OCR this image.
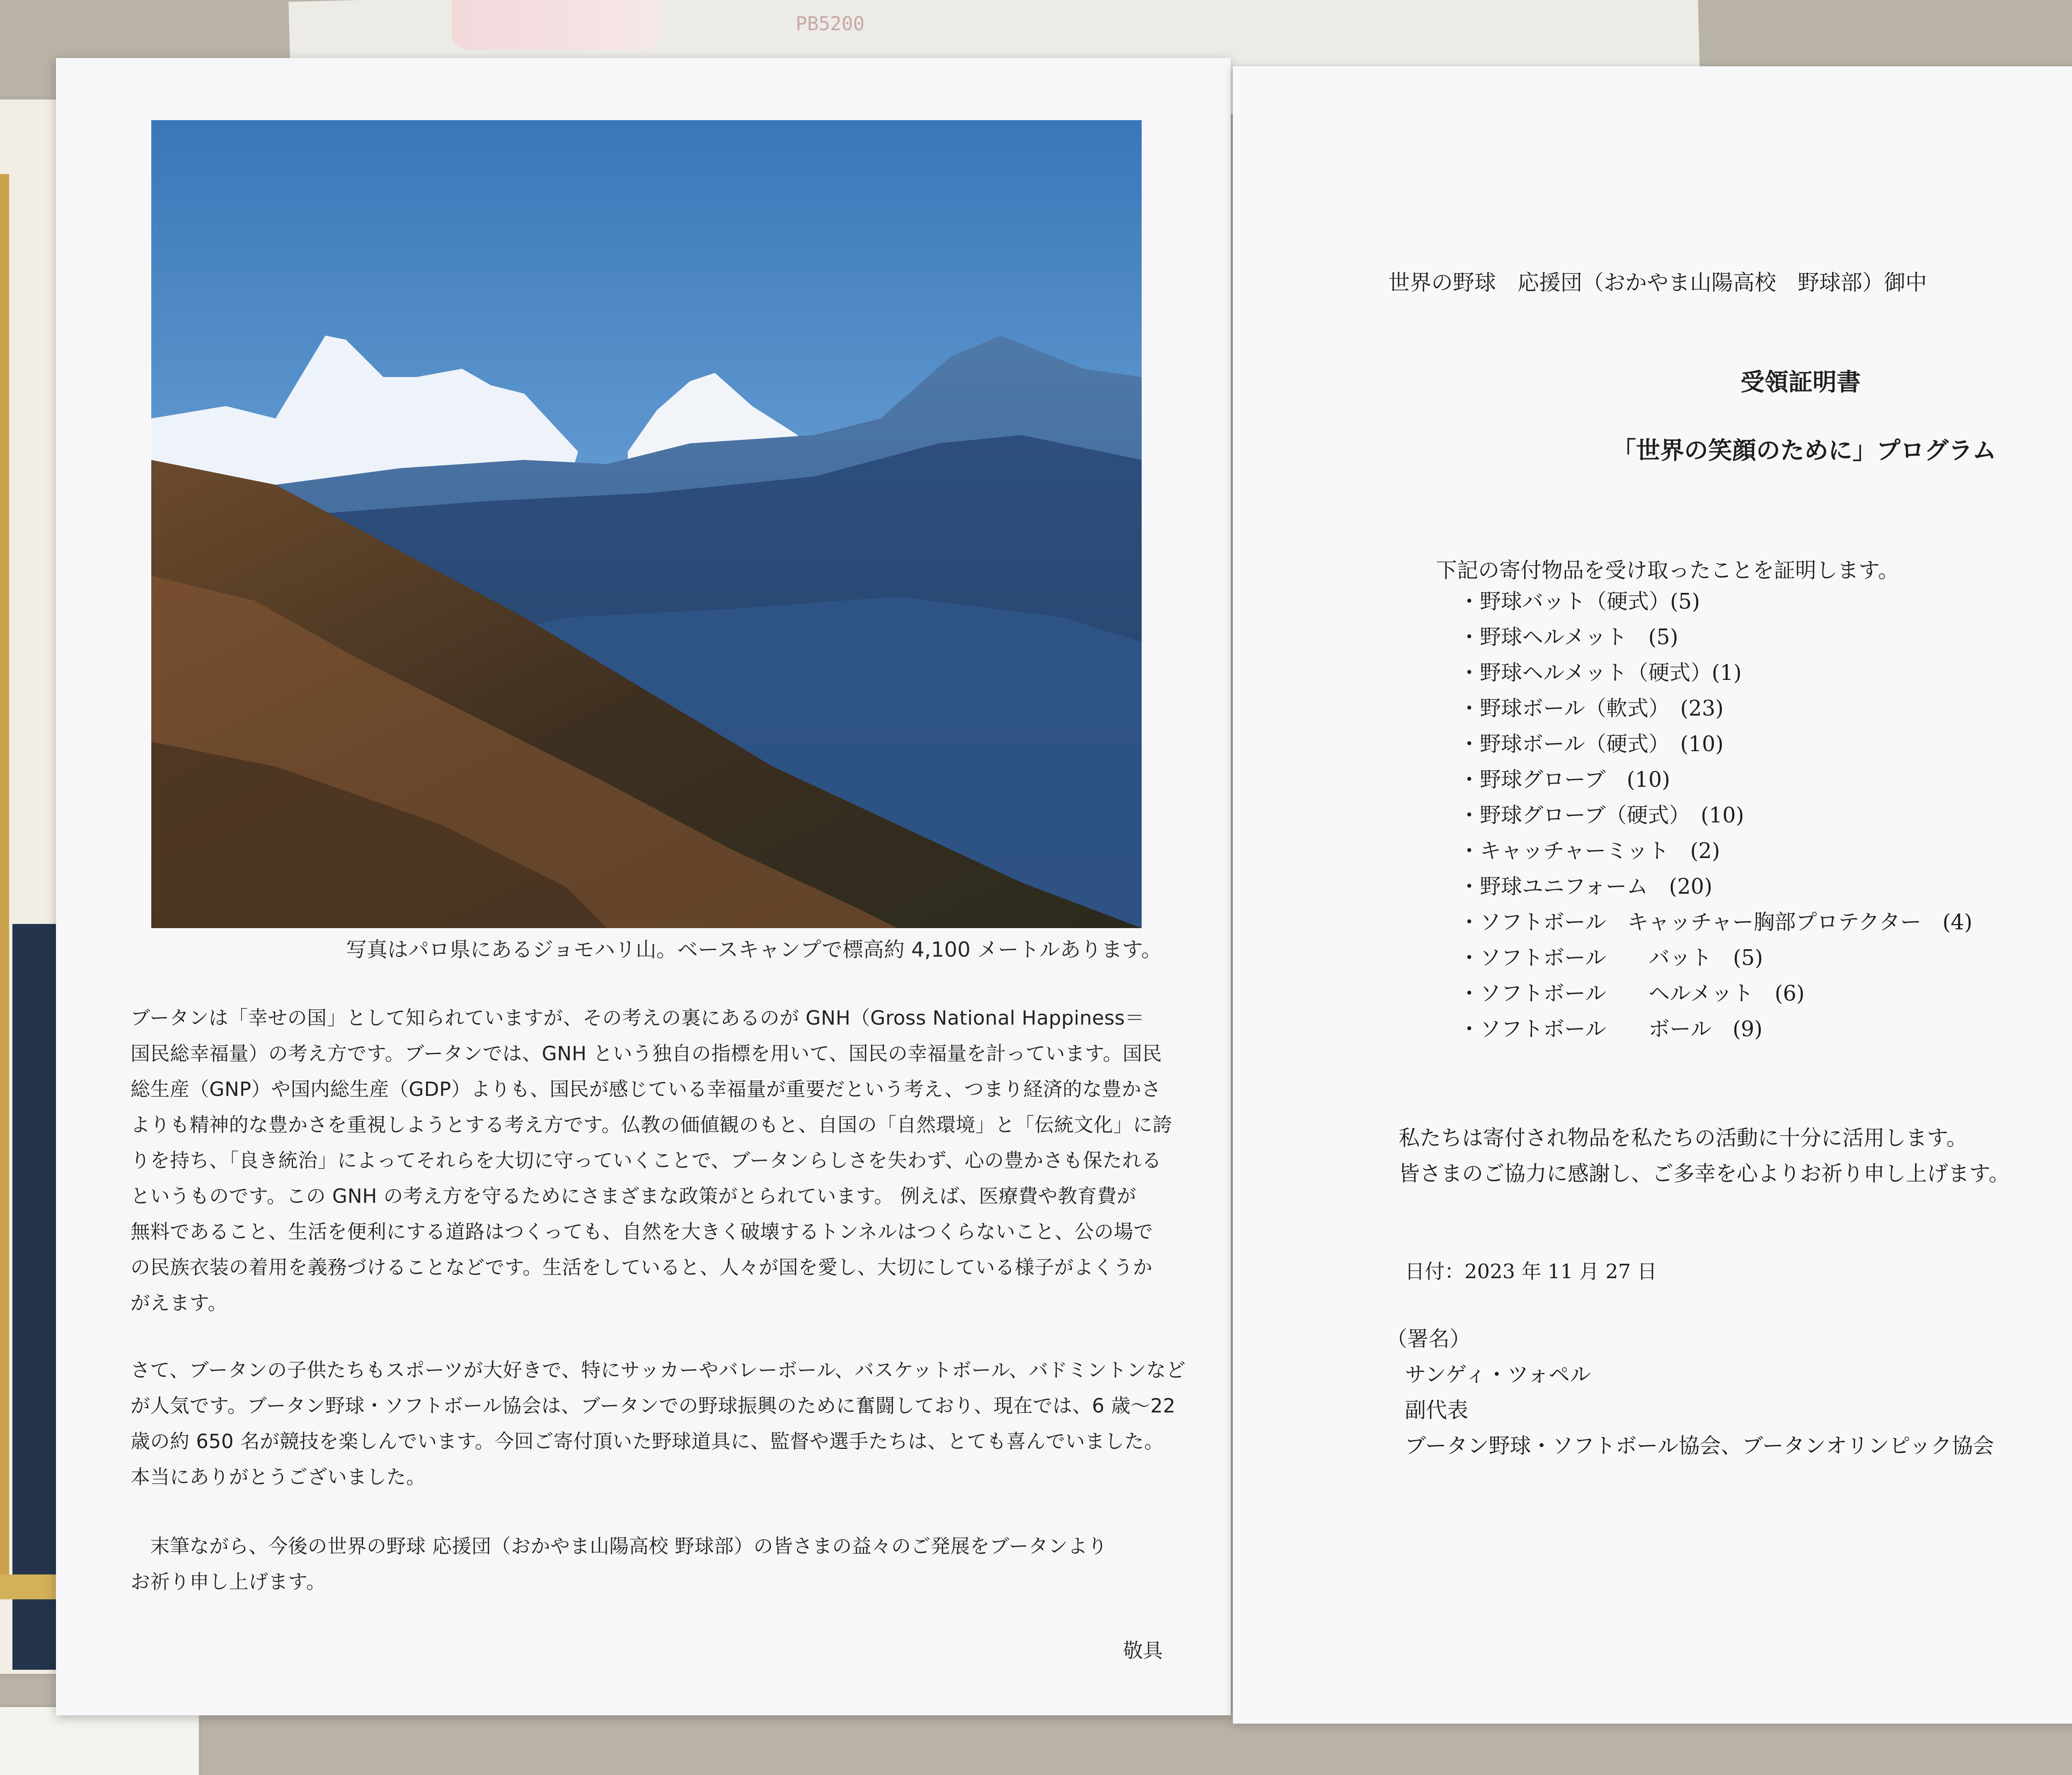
PB5200
写真はパロ県にあるジョモハリ山。ベースキャンプで標高約 4,100 メートルあります。
ブータンは「幸せの国」として知られていますが、その考えの裏にあるのが GNH（Gross National Happiness＝
国民総幸福量）の考え方です。ブータンでは、GNH という独自の指標を用いて、国民の幸福量を計っています。国民
総生産（GNP）や国内総生産（GDP）よりも、国民が感じている幸福量が重要だという考え、つまり経済的な豊かさ
よりも精神的な豊かさを重視しようとする考え方です。仏教の価値観のもと、自国の「自然環境」と「伝統文化」に誇
りを持ち、「良き統治」によってそれらを大切に守っていくことで、ブータンらしさを失わず、心の豊かさも保たれる
というものです。この GNH の考え方を守るためにさまざまな政策がとられています。 例えば、医療費や教育費が
無料であること、生活を便利にする道路はつくっても、自然を大きく破壊するトンネルはつくらないこと、公の場で
の民族衣装の着用を義務づけることなどです。生活をしていると、人々が国を愛し、大切にしている様子がよくうか
がえます。
さて、ブータンの子供たちもスポーツが大好きで、特にサッカーやバレーボール、バスケットボール、バドミントンなど
が人気です。ブータン野球・ソフトボール協会は、ブータンでの野球振興のために奮闘しており、現在では、6 歳～22
歳の約 650 名が競技を楽しんでいます。今回ご寄付頂いた野球道具に、監督や選手たちは、とても喜んでいました。
本当にありがとうございました。
　末筆ながら、今後の世界の野球 応援団（おかやま山陽高校 野球部）の皆さまの益々のご発展をブータンより
お祈り申し上げます。
敬具
世界の野球　応援団（おかやま山陽高校　野球部）御中
受領証明書
「世界の笑顔のために」プログラム
下記の寄付物品を受け取ったことを証明します。
・野球バット（硬式）(5)
・野球ヘルメット　(5)
・野球ヘルメット（硬式）(1)
・野球ボール（軟式）　(23)
・野球ボール（硬式）　(10)
・野球グローブ　(10)
・野球グローブ（硬式）　(10)
・キャッチャーミット　(2)
・野球ユニフォーム　(20)
・ソフトボール　キャッチャー胸部プロテクター　(4)
・ソフトボール　　バット　(5)
・ソフトボール　　ヘルメット　(6)
・ソフトボール　　ボール　(9)
私たちは寄付され物品を私たちの活動に十分に活用します。
皆さまのご協力に感謝し、ご多幸を心よりお祈り申し上げます。
日付：2023 年 11 月 27 日
（署名）
サンゲィ・ツォペル
副代表
ブータン野球・ソフトボール協会、ブータンオリンピック協会
